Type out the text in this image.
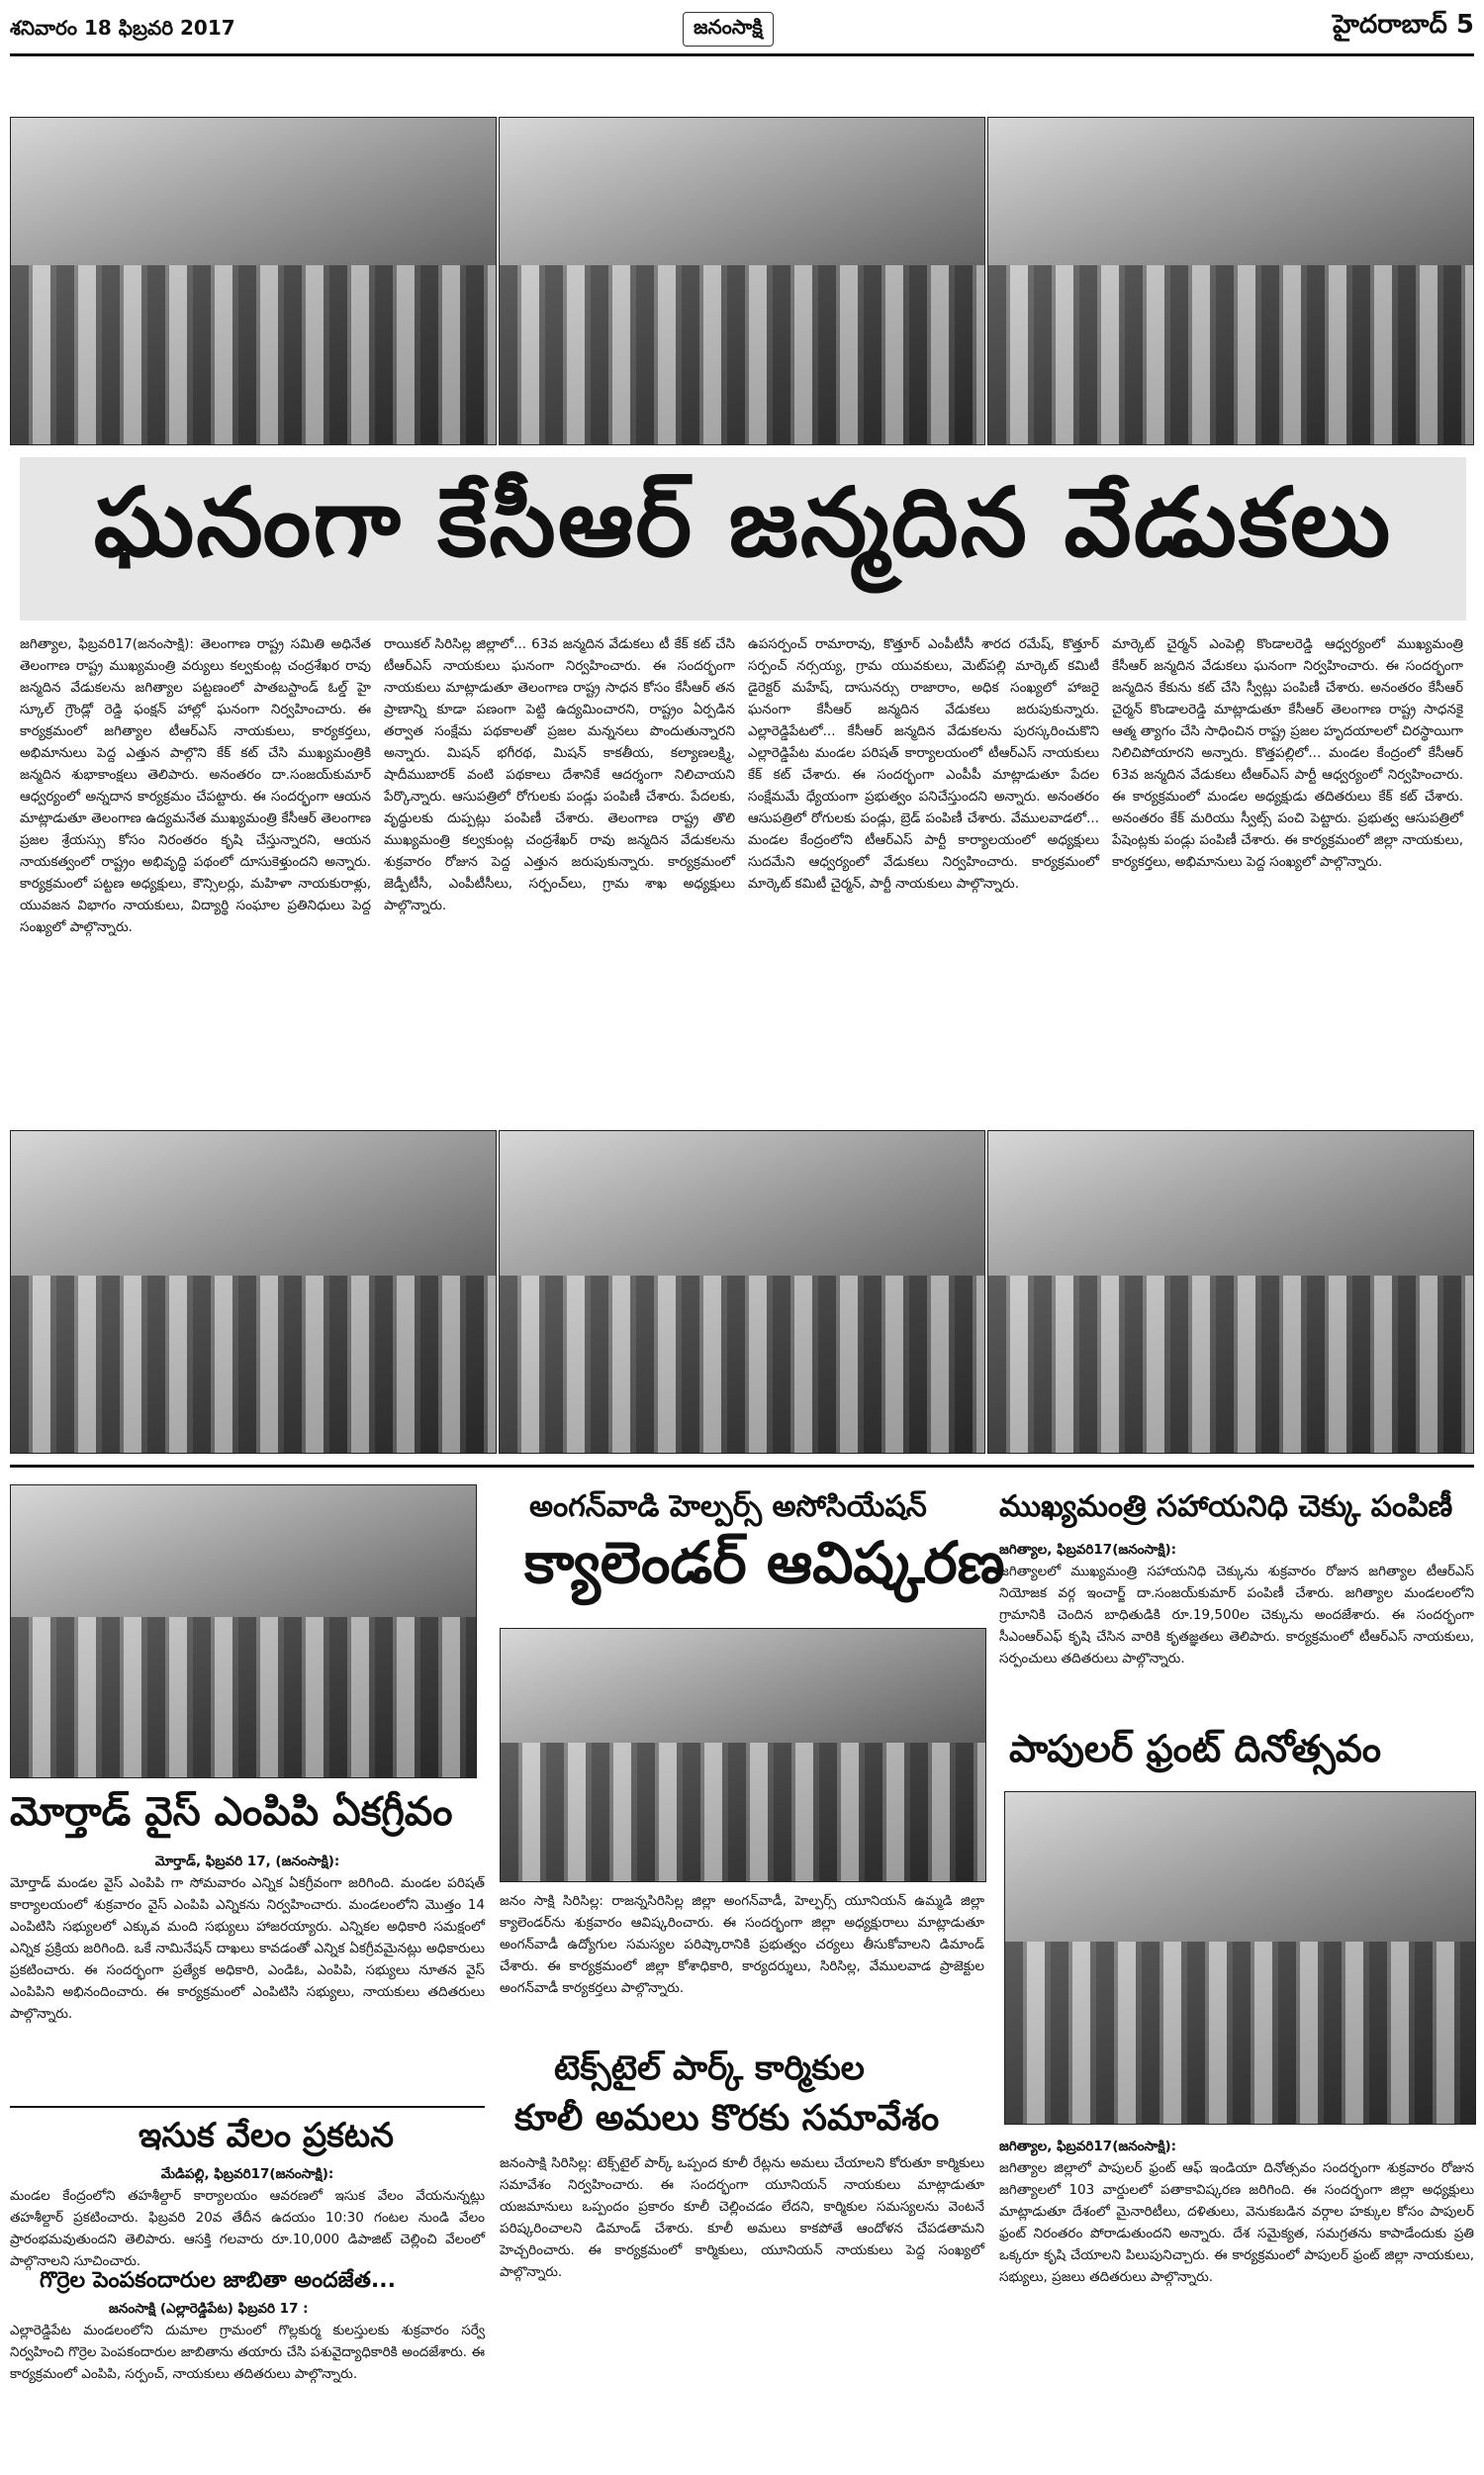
శనివారం 18 ఫిబ్రవరి 2017	జనంసాక్షి	హైదరాబాద్ 5
ఘనంగా కేసీఆర్ జన్మదిన వేడుకలు

జగిత్యాల, ఫిబ్రవరి17(జనంసాక్షి): తెలంగాణ రాష్ట్ర సమితి అధినేత తెలంగాణ రాష్ట్ర ముఖ్యమంత్రి వర్యులు కల్వకుంట్ల చంద్రశేఖర రావు జన్మదిన వేడుకలను జగిత్యాల పట్టణంలో పాతబస్టాండ్ ఓల్డ్ హై స్కూల్ గ్రౌండ్లో రెడ్డి ఫంక్షన్ హాల్లో ఘనంగా నిర్వహించారు. ఈ కార్యక్రమంలో జగిత్యాల టీఆర్ఎస్ నాయకులు, కార్యకర్తలు, అభిమానులు పెద్ద ఎత్తున పాల్గొని కేక్ కట్ చేసి ముఖ్యమంత్రికి జన్మదిన శుభాకాంక్షలు తెలిపారు. అనంతరం దా.సంజయ్‌కుమార్ ఆధ్వర్యంలో అన్నదాన కార్యక్రమం చేపట్టారు. ఈ సందర్భంగా ఆయన మాట్లాడుతూ తెలంగాణ ఉద్యమనేత ముఖ్యమంత్రి కేసీఆర్ తెలంగాణ ప్రజల శ్రేయస్సు కోసం నిరంతరం కృషి చేస్తున్నారని, ఆయన నాయకత్వంలో రాష్ట్రం అభివృద్ధి పథంలో దూసుకెళ్తుందని అన్నారు. కార్యక్రమంలో పట్టణ అధ్యక్షులు, కౌన్సిలర్లు, మహిళా నాయకురాళ్లు, యువజన విభాగం నాయకులు, విద్యార్థి సంఘాల ప్రతినిధులు పెద్ద సంఖ్యలో పాల్గొన్నారు.

రాయికల్ సిరిసిల్ల జిల్లాలో... 63వ జన్మదిన వేడుకలు టీ కేక్ కట్ చేసి టీఆర్ఎస్ నాయకులు ఘనంగా నిర్వహించారు. ఈ సందర్భంగా నాయకులు మాట్లాడుతూ తెలంగాణ రాష్ట్ర సాధన కోసం కేసీఆర్ తన ప్రాణాన్ని కూడా పణంగా పెట్టి ఉద్యమించారని, రాష్ట్రం ఏర్పడిన తర్వాత సంక్షేమ పథకాలతో ప్రజల మన్ననలు పొందుతున్నారని అన్నారు. మిషన్ భగీరథ, మిషన్ కాకతీయ, కల్యాణలక్ష్మి, షాదీముబారక్ వంటి పథకాలు దేశానికే ఆదర్శంగా నిలిచాయని పేర్కొన్నారు. ఆసుపత్రిలో రోగులకు పండ్లు పంపిణీ చేశారు. పేదలకు, వృద్ధులకు దుప్పట్లు పంపిణీ చేశారు. తెలంగాణ రాష్ట్ర తొలి ముఖ్యమంత్రి కల్వకుంట్ల చంద్రశేఖర్ రావు జన్మదిన వేడుకలను శుక్రవారం రోజున పెద్ద ఎత్తున జరుపుకున్నారు. కార్యక్రమంలో జెడ్పీటీసీ, ఎంపీటీసీలు, సర్పంచ్‌లు, గ్రామ శాఖ అధ్యక్షులు పాల్గొన్నారు.

ఉపసర్పంచ్ రామారావు, కొత్తూర్ ఎంపీటీసీ శారద రమేష్, కొత్తూర్ సర్పంచ్ నర్సయ్య, గ్రామ యువకులు, మెట్‌పల్లి మార్కెట్ కమిటీ డైరెక్టర్ మహేష్, దాసునర్సు రాజారాం, అధిక సంఖ్యలో హాజరై ఘనంగా కేసీఆర్ జన్మదిన వేడుకలు జరుపుకున్నారు. ఎల్లారెడ్డిపేటలో... కేసీఆర్ జన్మదిన వేడుకలను పురస్కరించుకొని ఎల్లారెడ్డిపేట మండల పరిషత్ కార్యాలయంలో టీఆర్ఎస్ నాయకులు కేక్ కట్ చేశారు. ఈ సందర్భంగా ఎంపీపీ మాట్లాడుతూ పేదల సంక్షేమమే ధ్యేయంగా ప్రభుత్వం పనిచేస్తుందని అన్నారు. అనంతరం ఆసుపత్రిలో రోగులకు పండ్లు, బ్రెడ్ పంపిణీ చేశారు. వేములవాడలో... మండల కేంద్రంలోని టీఆర్ఎస్ పార్టీ కార్యాలయంలో అధ్యక్షులు సుదమేని ఆధ్వర్యంలో వేడుకలు నిర్వహించారు. కార్యక్రమంలో మార్కెట్ కమిటీ చైర్మన్, పార్టీ నాయకులు పాల్గొన్నారు.

మార్కెట్ చైర్మన్ ఎంపెల్లి కొండాలరెడ్డి ఆధ్వర్యంలో ముఖ్యమంత్రి కేసీఆర్ జన్మదిన వేడుకలు ఘనంగా నిర్వహించారు. ఈ సందర్భంగా జన్మదిన కేకును కట్ చేసి స్వీట్లు పంపిణీ చేశారు. అనంతరం కేసీఆర్ చైర్మన్ కొండాలరెడ్డి మాట్లాడుతూ కేసీఆర్ తెలంగాణ రాష్ట్ర సాధనకై ఆత్మ త్యాగం చేసి సాధించిన రాష్ట్ర ప్రజల హృదయాలలో చిరస్థాయిగా నిలిచిపోయారని అన్నారు. కొత్తపల్లిలో... మండల కేంద్రంలో కేసీఆర్ 63వ జన్మదిన వేడుకలు టీఆర్ఎస్ పార్టీ ఆధ్వర్యంలో నిర్వహించారు. ఈ కార్యక్రమంలో మండల అధ్యక్షుడు తదితరులు కేక్ కట్ చేశారు. అనంతరం కేక్ మరియు స్వీట్స్ పంచి పెట్టారు. ప్రభుత్వ ఆసుపత్రిలో పేషెంట్లకు పండ్లు పంపిణీ చేశారు. ఈ కార్యక్రమంలో జిల్లా నాయకులు, కార్యకర్తలు, అభిమానులు పెద్ద సంఖ్యలో పాల్గొన్నారు.

మోర్తాడ్ వైస్ ఎంపిపి ఏకగ్రీవం

మోర్తాడ్, ఫిబ్రవరి 17, (జనంసాక్షి):

మోర్తాడ్ మండల వైస్ ఎంపిపి గా సోమవారం ఎన్నిక ఏకగ్రీవంగా జరిగింది. మండల పరిషత్ కార్యాలయంలో శుక్రవారం వైస్ ఎంపిపి ఎన్నికను నిర్వహించారు. మండలంలోని మొత్తం 14 ఎంపిటిసి సభ్యులలో ఎక్కువ మంది సభ్యులు హాజరయ్యారు. ఎన్నికల అధికారి సమక్షంలో ఎన్నిక ప్రక్రియ జరిగింది. ఒకే నామినేషన్ దాఖలు కావడంతో ఎన్నిక ఏకగ్రీవమైనట్లు అధికారులు ప్రకటించారు. ఈ సందర్భంగా ప్రత్యేక అధికారి, ఎండిఓ, ఎంపిపి, సభ్యులు నూతన వైస్ ఎంపిపిని అభినందించారు. ఈ కార్యక్రమంలో ఎంపిటిసి సభ్యులు, నాయకులు తదితరులు పాల్గొన్నారు.

ఇసుక వేలం ప్రకటన

మేడిపల్లి, ఫిబ్రవరి17(జనంసాక్షి):

మండల కేంద్రంలోని తహశీల్దార్ కార్యాలయం ఆవరణలో ఇసుక వేలం వేయనున్నట్లు తహశీల్దార్ ప్రకటించారు. ఫిబ్రవరి 20వ తేదీన ఉదయం 10:30 గంటల నుండి వేలం ప్రారంభమవుతుందని తెలిపారు. ఆసక్తి గలవారు రూ.10,000 డిపాజిట్ చెల్లించి వేలంలో పాల్గొనాలని సూచించారు.

గొర్రెల పెంపకందారుల జాబితా అందజేత...

జనంసాక్షి (ఎల్లారెడ్డిపేట) ఫిబ్రవరి 17 :

ఎల్లారెడ్డిపేట మండలంలోని దుమాల గ్రామంలో గొల్లకుర్మ కులస్తులకు శుక్రవారం సర్వే నిర్వహించి గొర్రెల పెంపకందారుల జాబితాను తయారు చేసి పశువైద్యాధికారికి అందజేశారు. ఈ కార్యక్రమంలో ఎంపిపి, సర్పంచ్, నాయకులు తదితరులు పాల్గొన్నారు.

అంగన్‌వాడి హెల్పర్స్ అసోసియేషన్
క్యాలెండర్ ఆవిష్కరణ

జనం సాక్షి సిరిసిల్ల: రాజన్నసిరిసిల్ల జిల్లా అంగన్‌వాడీ, హెల్పర్స్ యూనియన్ ఉమ్మడి జిల్లా క్యాలెండర్‌ను శుక్రవారం ఆవిష్కరించారు. ఈ సందర్భంగా జిల్లా అధ్యక్షురాలు మాట్లాడుతూ అంగన్‌వాడీ ఉద్యోగుల సమస్యల పరిష్కారానికి ప్రభుత్వం చర్యలు తీసుకోవాలని డిమాండ్ చేశారు. ఈ కార్యక్రమంలో జిల్లా కోశాధికారి, కార్యదర్శులు, సిరిసిల్ల, వేములవాడ ప్రాజెక్టుల అంగన్‌వాడీ కార్యకర్తలు పాల్గొన్నారు.

టెక్స్‌టైల్ పార్క్ కార్మికుల
కూలీ అమలు కొరకు సమావేశం

జనంసాక్షి సిరిసిల్ల: టెక్స్‌టైల్ పార్క్ ఒప్పంద కూలీ రేట్లను అమలు చేయాలని కోరుతూ కార్మికులు సమావేశం నిర్వహించారు. ఈ సందర్భంగా యూనియన్ నాయకులు మాట్లాడుతూ యజమానులు ఒప్పందం ప్రకారం కూలీ చెల్లించడం లేదని, కార్మికుల సమస్యలను వెంటనే పరిష్కరించాలని డిమాండ్ చేశారు. కూలీ అమలు కాకపోతే ఆందోళన చేపడతామని హెచ్చరించారు. ఈ కార్యక్రమంలో కార్మికులు, యూనియన్ నాయకులు పెద్ద సంఖ్యలో పాల్గొన్నారు.

ముఖ్యమంత్రి సహాయనిధి చెక్కు పంపిణీ

జగిత్యాల, ఫిబ్రవరి17(జనంసాక్షి):

జగిత్యాలలో ముఖ్యమంత్రి సహాయనిధి చెక్కును శుక్రవారం రోజున జగిత్యాల టీఆర్ఎస్ నియోజక వర్గ ఇంచార్జ్ దా.సంజయ్‌కుమార్ పంపిణీ చేశారు. జగిత్యాల మండలంలోని గ్రామానికి చెందిన బాధితుడికి రూ.19,500ల చెక్కును అందజేశారు. ఈ సందర్భంగా సీఎంఆర్ఎఫ్ కృషి చేసిన వారికి కృతజ్ఞతలు తెలిపారు. కార్యక్రమంలో టీఆర్ఎస్ నాయకులు, సర్పంచులు తదితరులు పాల్గొన్నారు.

పాపులర్ ఫ్రంట్ దినోత్సవం

జగిత్యాల, ఫిబ్రవరి17(జనంసాక్షి):

జగిత్యాల జిల్లాలో పాపులర్ ఫ్రంట్ ఆఫ్ ఇండియా దినోత్సవం సందర్భంగా శుక్రవారం రోజున జగిత్యాలలో 103 వార్డులలో పతాకావిష్కరణ జరిగింది. ఈ సందర్భంగా జిల్లా అధ్యక్షులు మాట్లాడుతూ దేశంలో మైనారిటీలు, దళితులు, వెనుకబడిన వర్గాల హక్కుల కోసం పాపులర్ ఫ్రంట్ నిరంతరం పోరాడుతుందని అన్నారు. దేశ సమైక్యత, సమగ్రతను కాపాడేందుకు ప్రతి ఒక్కరూ కృషి చేయాలని పిలుపునిచ్చారు. ఈ కార్యక్రమంలో పాపులర్ ఫ్రంట్ జిల్లా నాయకులు, సభ్యులు, ప్రజలు తదితరులు పాల్గొన్నారు.
